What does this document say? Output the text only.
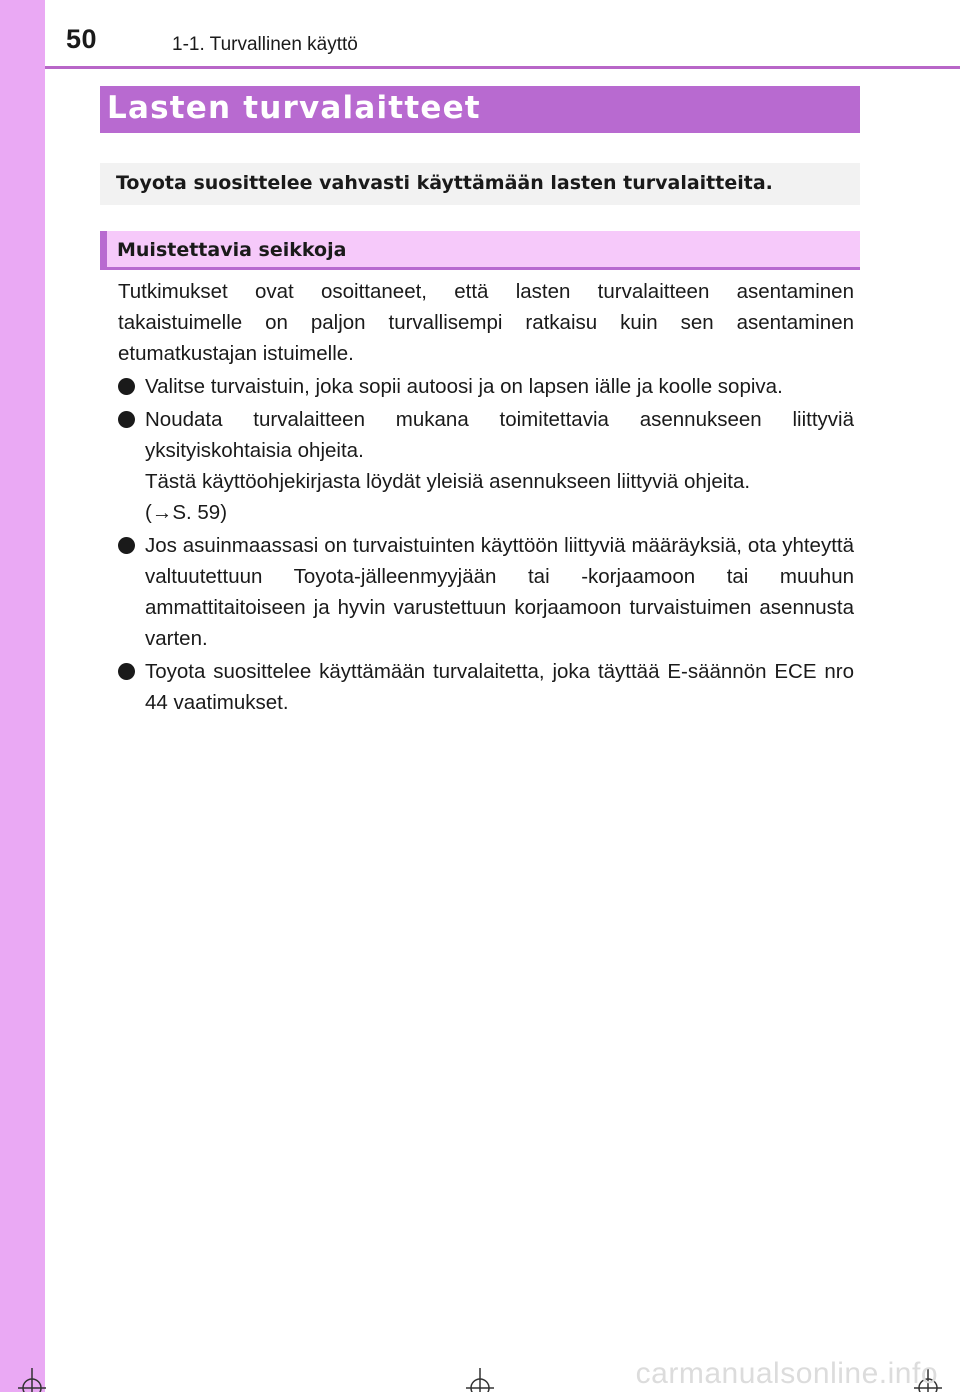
50	1-1. Turvallinen käyttö
Lasten turvalaitteet
Toyota suosittelee vahvasti käyttämään lasten turvalaitteita.
Muistettavia seikkoja

Tutkimukset ovat osoittaneet, että lasten turvalaitteen asentaminen takaistuimelle on paljon turvallisempi ratkaisu kuin sen asentaminen etumatkustajan istuimelle.

Valitse turvaistuin, joka sopii autoosi ja on lapsen iälle ja koolle sopiva.
Noudata turvalaitteen mukana toimitettavia asennukseen liittyviä yksityiskohtaisia ohjeita.
Tästä käyttöohjekirjasta löydät yleisiä asennukseen liittyviä ohjeita.
(→S. 59)
Jos asuinmaassasi on turvaistuinten käyttöön liittyviä määräyksiä, ota yhteyttä valtuutettuun Toyota-jälleenmyyjään tai -korjaamoon tai muuhun ammattitaitoiseen ja hyvin varustettuun korjaamoon turvaistuimen asennusta varten.
Toyota suosittelee käyttämään turvalaitetta, joka täyttää E-säännön ECE nro 44 vaatimukset.
carmanualsonline.info
